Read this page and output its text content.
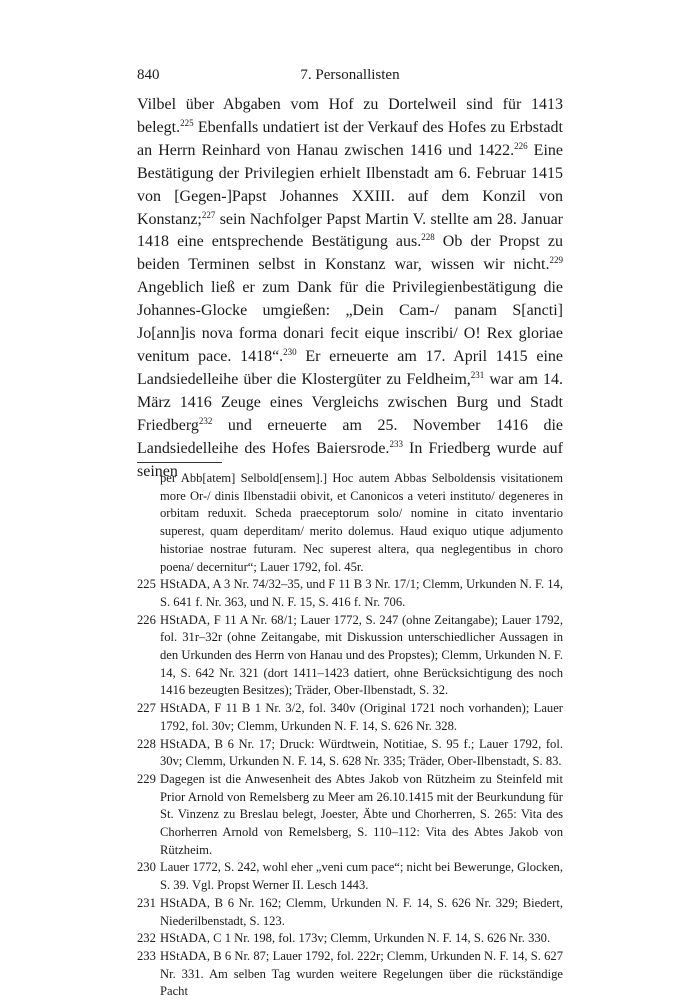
840	7. Personallisten
Vilbel über Abgaben vom Hof zu Dortelweil sind für 1413 belegt.$^{225}$ Ebenfalls undatiert ist der Verkauf des Hofes zu Erbstadt an Herrn Reinhard von Hanau zwischen 1416 und 1422.$^{226}$ Eine Bestätigung der Privilegien erhielt Ilbenstadt am 6. Februar 1415 von [Gegen-]Papst Johannes XXIII. auf dem Konzil von Konstanz;$^{227}$ sein Nachfolger Papst Martin V. stellte am 28. Januar 1418 eine entsprechende Bestätigung aus.$^{228}$ Ob der Propst zu beiden Terminen selbst in Konstanz war, wissen wir nicht.$^{229}$ Angeblich ließ er zum Dank für die Privilegienbestätigung die Johannes-Glocke umgießen: „Dein Cam-/ panam S[ancti] Jo[ann]is nova forma donari fecit eique inscribi/ O! Rex gloriae venitum pace. 1418“.$^{230}$ Er erneuerte am 17. April 1415 eine Landsiedelleihe über die Klostergüter zu Feldheim,$^{231}$ war am 14. März 1416 Zeuge eines Vergleichs zwischen Burg und Stadt Friedberg$^{232}$ und erneuerte am 25. November 1416 die Landsiedelleihe des Hofes Baiersrode.$^{233}$ In Friedberg wurde auf seinen
per Abb[atem] Selbold[ensem].] Hoc autem Abbas Selboldensis visitationem more Or-/ dinis Ilbenstadii obivit, et Canonicos a veteri instituto/ degeneres in orbitam reduxit. Scheda praeceptorum solo/ nomine in citato inventario superest, quam deperditam/ merito dolemus. Haud exiquo utique adjumento historiae nostrae futuram. Nec superest altera, qua neglegentibus in choro poena/ decernitur“; Lauer 1792, fol. 45r.
225 HStADA, A 3 Nr. 74/32–35, und F 11 B 3 Nr. 17/1; Clemm, Urkunden N. F. 14, S. 641 f. Nr. 363, und N. F. 15, S. 416 f. Nr. 706.
226 HStADA, F 11 A Nr. 68/1; Lauer 1772, S. 247 (ohne Zeitangabe); Lauer 1792, fol. 31r–32r (ohne Zeitangabe, mit Diskussion unterschiedlicher Aussagen in den Urkunden des Herrn von Hanau und des Propstes); Clemm, Urkunden N. F. 14, S. 642 Nr. 321 (dort 1411–1423 datiert, ohne Berücksichtigung des noch 1416 bezeugten Besitzes); Träder, Ober-Ilbenstadt, S. 32.
227 HStADA, F 11 B 1 Nr. 3/2, fol. 340v (Original 1721 noch vorhanden); Lauer 1792, fol. 30v; Clemm, Urkunden N. F. 14, S. 626 Nr. 328.
228 HStADA, B 6 Nr. 17; Druck: Würdtwein, Notitiae, S. 95 f.; Lauer 1792, fol. 30v; Clemm, Urkunden N. F. 14, S. 628 Nr. 335; Träder, Ober-Ilbenstadt, S. 83.
229 Dagegen ist die Anwesenheit des Abtes Jakob von Rützheim zu Steinfeld mit Prior Arnold von Remelsberg zu Meer am 26.10.1415 mit der Beurkundung für St. Vinzenz zu Breslau belegt, Joester, Äbte und Chorherren, S. 265: Vita des Chorherren Arnold von Remelsberg, S. 110–112: Vita des Abtes Jakob von Rützheim.
230 Lauer 1772, S. 242, wohl eher „veni cum pace“; nicht bei Bewerunge, Glocken, S. 39. Vgl. Propst Werner II. Lesch 1443.
231 HStADA, B 6 Nr. 162; Clemm, Urkunden N. F. 14, S. 626 Nr. 329; Biedert, Niederilbenstadt, S. 123.
232 HStADA, C 1 Nr. 198, fol. 173v; Clemm, Urkunden N. F. 14, S. 626 Nr. 330.
233 HStADA, B 6 Nr. 87; Lauer 1792, fol. 222r; Clemm, Urkunden N. F. 14, S. 627 Nr. 331. Am selben Tag wurden weitere Regelungen über die rückständige Pacht
